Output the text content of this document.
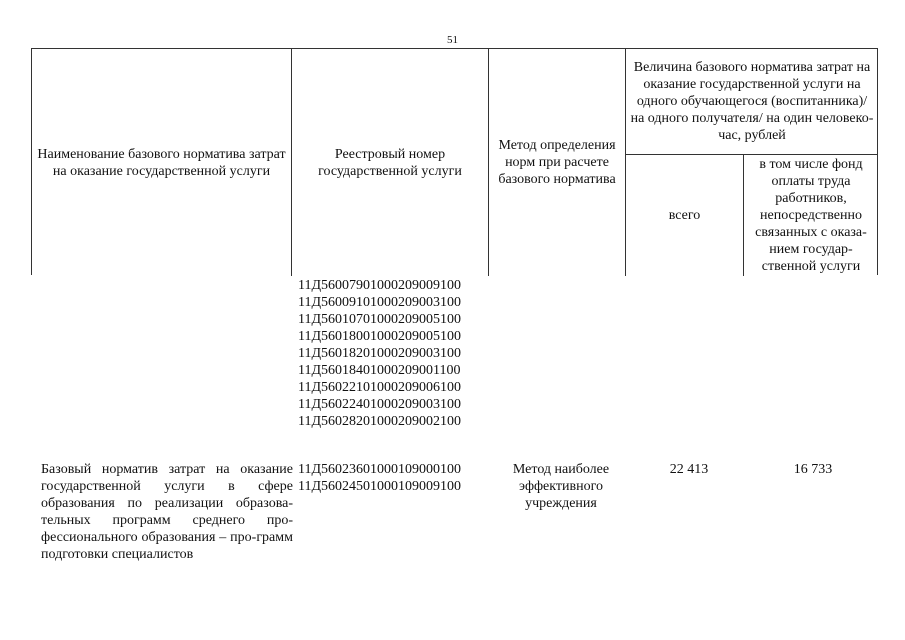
51
Наименование базового норматива затрат на оказание государственной услуги
Реестровый номер государственной услуги
Метод определения норм при расчете базового норматива
Величина базового норматива затрат на оказание государственной услуги на одного обучающегося (воспитанника)/ на одного получателя/ на один человеко-час, рублей
всего
в том числе фонд оплаты труда работников, непосредственно связанных с оказа-нием государ-ственной услуги
11Д56007901000209009100
11Д56009101000209003100
11Д56010701000209005100
11Д56018001000209005100
11Д56018201000209003100
11Д56018401000209001100
11Д56022101000209006100
11Д56022401000209003100
11Д56028201000209002100
Базовый норматив затрат на оказание государственной услуги в сфере образования по реализации образова-тельных программ среднего про-фессионального образования – про-грамм подготовки специалистов
11Д56023601000109000100
11Д56024501000109009100
Метод наиболее эффективного учреждения
22 413	16 733
